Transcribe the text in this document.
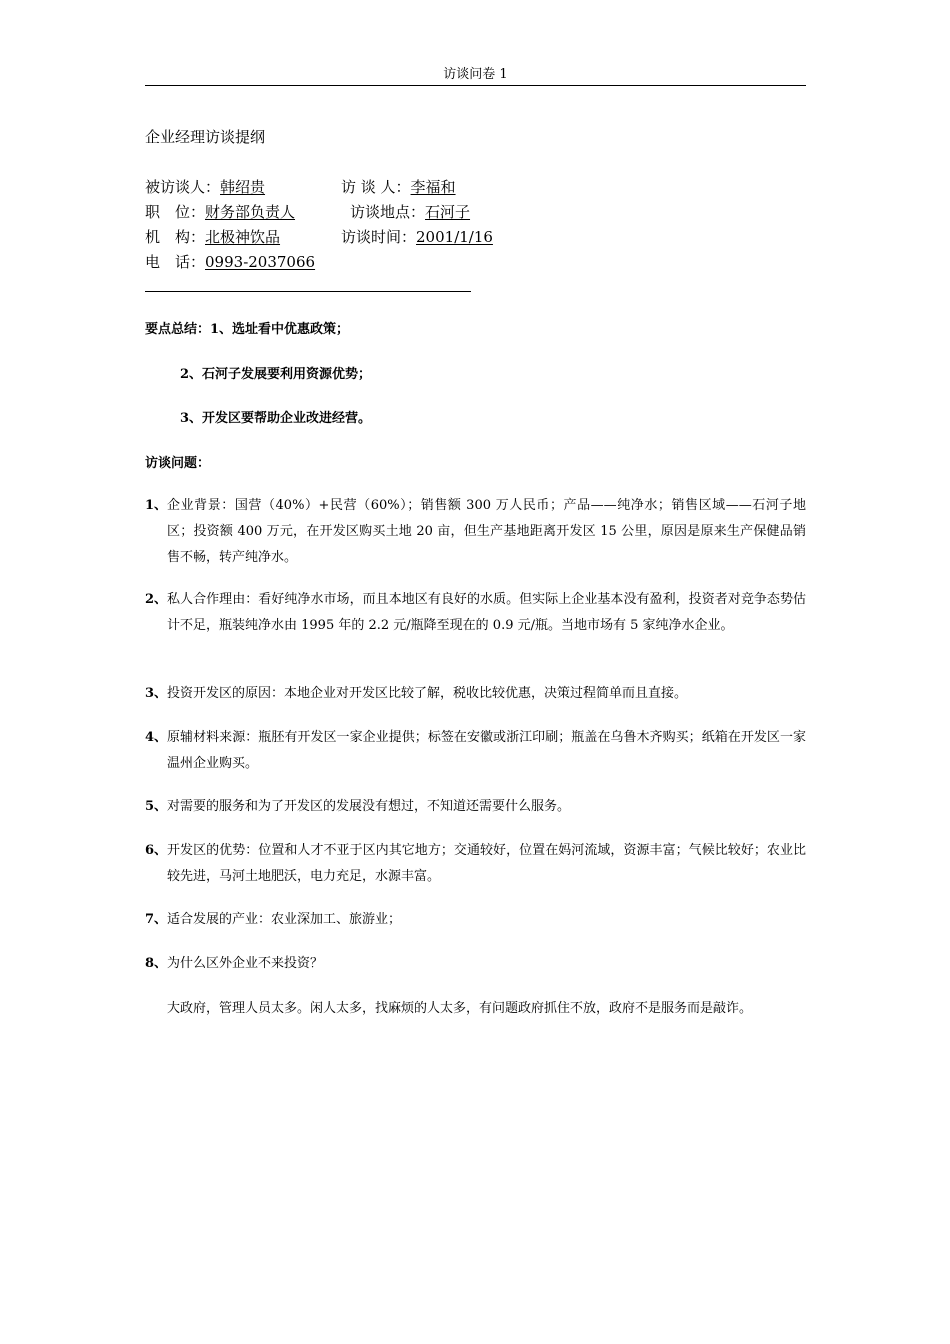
访谈问卷 1
企业经理访谈提纲
被访谈人：韩绍贵	访 谈 人：李福和
职　位：财务部负责人	访谈地点：石河子
机　构：北极神饮品	访谈时间：2001/1/16
电　话：0993-2037066
要点总结：1、选址看中优惠政策；
2、石河子发展要利用资源优势；
3、开发区要帮助企业改进经营。
访谈问题：
1、 企业背景：国营（40%）+民营（60%）；销售额 300 万人民币；产品——纯净水；销售区域——石河子地区；投资额 400 万元，在开发区购买土地 20 亩，但生产基地距离开发区 15 公里，原因是原来生产保健品销售不畅，转产纯净水。
2、 私人合作理由：看好纯净水市场，而且本地区有良好的水质。但实际上企业基本没有盈利，投资者对竞争态势估计不足，瓶装纯净水由 1995 年的 2.2 元/瓶降至现在的 0.9 元/瓶。当地市场有 5 家纯净水企业。
3、 投资开发区的原因：本地企业对开发区比较了解，税收比较优惠，决策过程简单而且直接。
4、 原辅材料来源：瓶胚有开发区一家企业提供；标签在安徽或浙江印刷；瓶盖在乌鲁木齐购买；纸箱在开发区一家温州企业购买。
5、 对需要的服务和为了开发区的发展没有想过，不知道还需要什么服务。
6、 开发区的优势：位置和人才不亚于区内其它地方；交通较好，位置在妈河流域，资源丰富；气候比较好；农业比较先进，马河土地肥沃，电力充足，水源丰富。
7、 适合发展的产业：农业深加工、旅游业；
8、 为什么区外企业不来投资？
大政府，管理人员太多。闲人太多，找麻烦的人太多，有问题政府抓住不放，政府不是服务而是敲诈。
